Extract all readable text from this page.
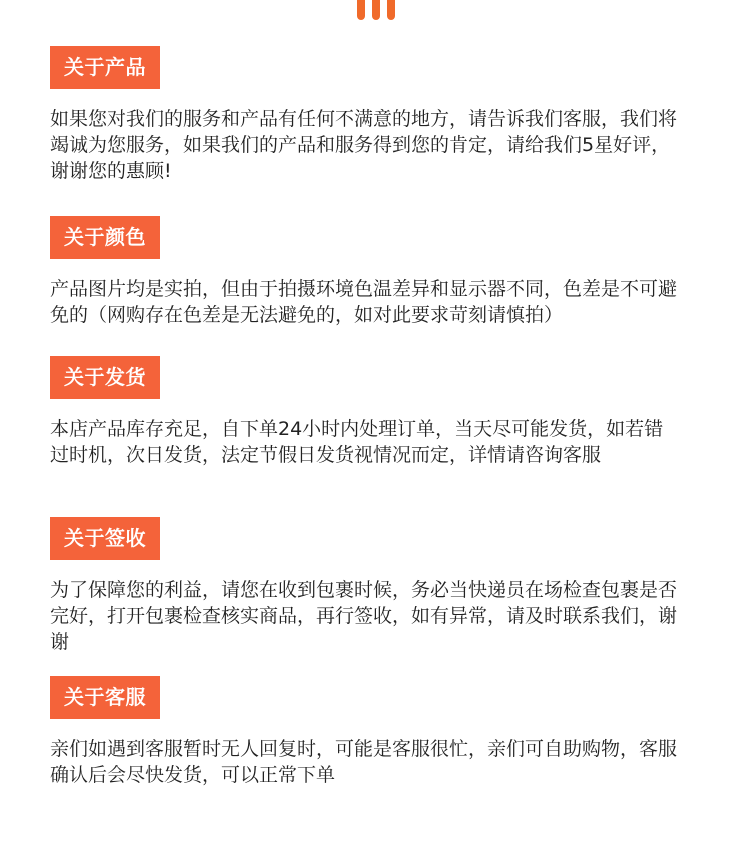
关于产品
如果您对我们的服务和产品有任何不满意的地方，请告诉我们客服，我们将竭诚为您服务，如果我们的产品和服务得到您的肯定，请给我们5星好评，谢谢您的惠顾!
关于颜色
产品图片均是实拍，但由于拍摄环境色温差异和显示器不同，色差是不可避免的（网购存在色差是无法避免的，如对此要求苛刻请慎拍）
关于发货
本店产品库存充足，自下单24小时内处理订单，当天尽可能发货，如若错过时机，次日发货，法定节假日发货视情况而定，详情请咨询客服
关于签收
为了保障您的利益，请您在收到包裹时候，务必当快递员在场检查包裹是否完好，打开包裹检查核实商品，再行签收，如有异常，请及时联系我们，谢谢
关于客服
亲们如遇到客服暂时无人回复时，可能是客服很忙，亲们可自助购物，客服确认后会尽快发货，可以正常下单
